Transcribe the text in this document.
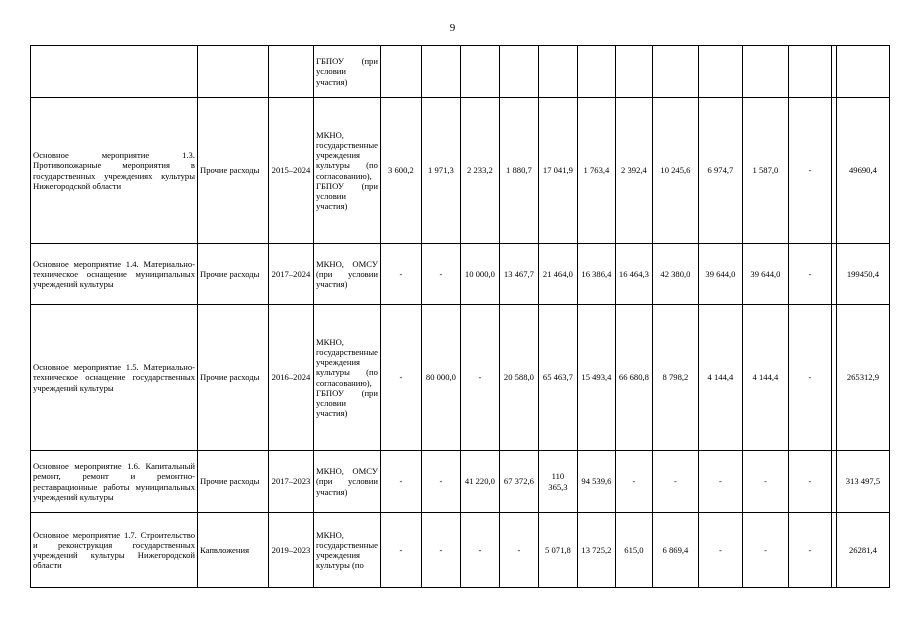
9

			ГБПОУ (при условии участия)													

Основное мероприятие 1.3. Противопожарные мероприятия в государственных учреждениях культуры Нижегородской области	Прочие расходы	2015–2024	МКНО, государственные учреждения культуры (по согласованию), ГБПОУ (при условии участия)	3 600,2	1 971,3	2 233,2	1 880,7	17 041,9	1 763,4	2 392,4	10 245,6	6 974,7	1 587,0	-		49690,4

Основное мероприятие 1.4. Материально-техническое оснащение муниципальных учреждений культуры	Прочие расходы	2017–2024	МКНО, ОМСУ (при условии участия)	-	-	10 000,0	13 467,7	21 464,0	16 386,4	16 464,3	42 380,0	39 644,0	39 644,0	-		199450,4

Основное мероприятие 1.5. Материально-техническое оснащение государственных учреждений культуры	Прочие расходы	2016–2024	МКНО, государственные учреждения культуры (по согласованию), ГБПОУ (при условии участия)	-	80 000,0	-	20 588,0	65 463,7	15 493,4	66 680,8	8 798,2	4 144,4	4 144,4	-		265312,9

Основное мероприятие 1.6. Капитальный ремонт, ремонт и ремонтно-реставрационные работы муниципальных учреждений культуры	Прочие расходы	2017–2023	МКНО, ОМСУ (при условии участия)	-	-	41 220,0	67 372,6	110 365,3	94 539,6	-	-	-	-	-		313 497,5

Основное мероприятие 1.7. Строительство и реконструкция государственных учреждений культуры Нижегородской области	Капвложения	2019–2023	МКНО, государственные учреждения культуры (по	-	-	-	-	5 071,8	13 725,2	615,0	6 869,4	-	-	-		26281,4
